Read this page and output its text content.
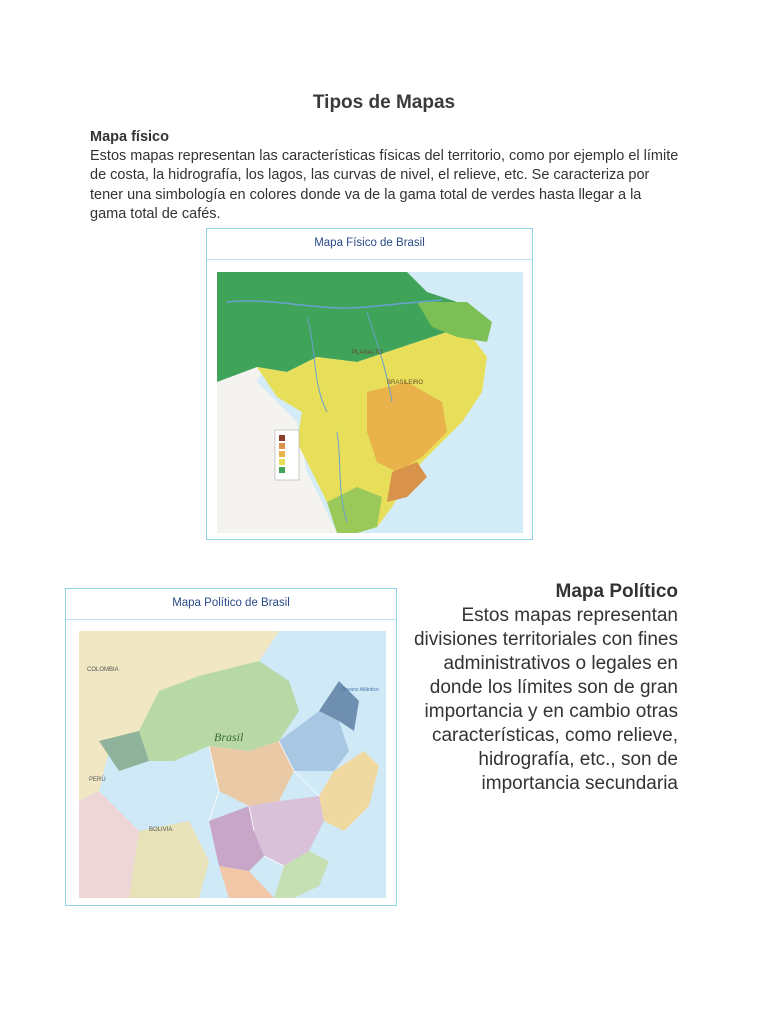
Tipos de Mapas

Mapa físico

Estos mapas representan las características físicas del territorio, como por ejemplo el límite de costa, la hidrografía, los lagos, las curvas de nivel, el relieve, etc. Se caracteriza por tener una simbología en colores donde va de la gama total de verdes hasta llegar a la gama total de cafés.

Mapa Físico de Brasil
PLANALTO
BRASILEIRO
Mapa Político de Brasil
COLOMBIA
PERÚ
BOLIVIA
Brasil
Oceano Atlântico

Mapa Político

Estos mapas representan divisiones territoriales con fines administrativos o legales en donde los límites son de gran importancia y en cambio otras características, como relieve, hidrografía, etc., son de importancia secundaria
